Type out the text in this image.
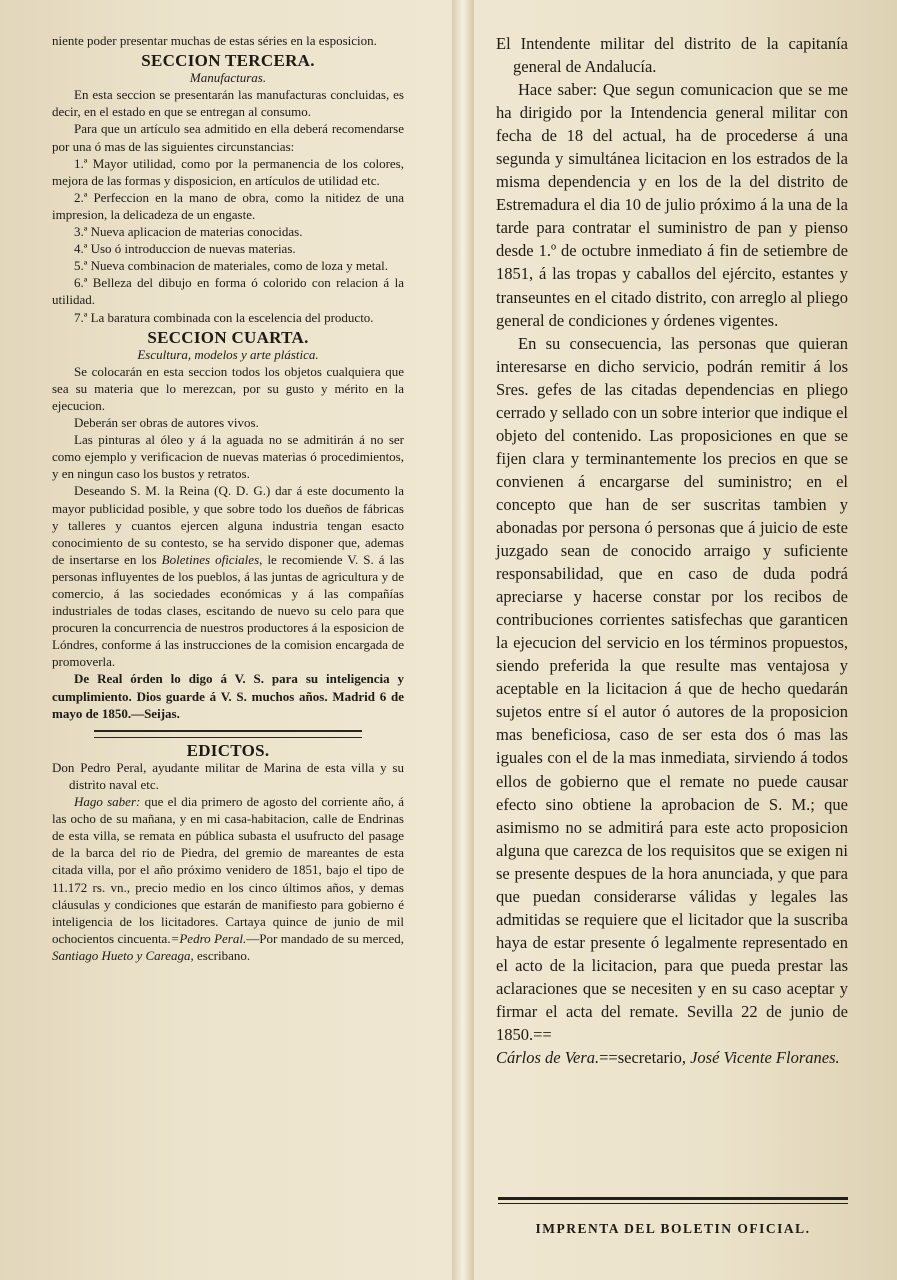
niente poder presentar muchas de estas séries en la esposicion.

SECCION TERCERA.
Manufacturas.

En esta seccion se presentarán las manufacturas concluidas, es decir, en el estado en que se entregan al consumo.

Para que un artículo sea admitido en ella deberá recomendarse por una ó mas de las siguientes circunstancias:

1.ª Mayor utilidad, como por la permanencia de los colores, mejora de las formas y disposicion, en artículos de utilidad etc.

2.ª Perfeccion en la mano de obra, como la nitidez de una impresion, la delicadeza de un engaste.

3.ª Nueva aplicacion de materias conocidas.

4.ª Uso ó introduccion de nuevas materias.

5.ª Nueva combinacion de materiales, como de loza y metal.

6.ª Belleza del dibujo en forma ó colorido con relacion á la utilidad.

7.ª La baratura combinada con la escelencia del producto.

SECCION CUARTA.
Escultura, modelos y arte plástica.

Se colocarán en esta seccion todos los objetos cualquiera que sea su materia que lo merezcan, por su gusto y mérito en la ejecucion.

Deberán ser obras de autores vivos.

Las pinturas al óleo y á la aguada no se admitirán á no ser como ejemplo y verificacion de nuevas materias ó procedimientos, y en ningun caso los bustos y retratos.

Deseando S. M. la Reina (Q. D. G.) dar á este documento la mayor publicidad posible, y que sobre todo los dueños de fábricas y talleres y cuantos ejercen alguna industria tengan esacto conocimiento de su contesto, se ha servido disponer que, ademas de insertarse en los Boletines oficiales, le recomiende V. S. á las personas influyentes de los pueblos, á las juntas de agricultura y de comercio, á las sociedades económicas y á las compañías industriales de todas clases, escitando de nuevo su celo para que procuren la concurrencia de nuestros productores á la esposicion de Lóndres, conforme á las instrucciones de la comision encargada de promoverla.

De Real órden lo digo á V. S. para su inteligencia y cumplimiento. Dios guarde á V. S. muchos años. Madrid 6 de mayo de 1850.—Seijas.

EDICTOS.

Don Pedro Peral, ayudante militar de Marina de esta villa y su distrito naval etc.

Hago saber: que el dia primero de agosto del corriente año, á las ocho de su mañana, y en mi casa-habitacion, calle de Endrinas de esta villa, se remata en pública subasta el usufructo del pasage de la barca del rio de Piedra, del gremio de mareantes de esta citada villa, por el año próximo venidero de 1851, bajo el tipo de 11.172 rs. vn., precio medio en los cinco últimos años, y demas cláusulas y condiciones que estarán de manifiesto para gobierno é inteligencia de los licitadores. Cartaya quince de junio de mil ochocientos cincuenta.=Pedro Peral.—Por mandado de su merced, Santiago Hueto y Careaga, escribano.

El Intendente militar del distrito de la capitanía general de Andalucía.

Hace saber: Que segun comunicacion que se me ha dirigido por la Intendencia general militar con fecha de 18 del actual, ha de procederse á una segunda y simultánea licitacion en los estrados de la misma dependencia y en los de la del distrito de Estremadura el dia 10 de julio próximo á la una de la tarde para contratar el suministro de pan y pienso desde 1.º de octubre inmediato á fin de setiembre de 1851, á las tropas y caballos del ejército, estantes y transeuntes en el citado distrito, con arreglo al pliego general de condiciones y órdenes vigentes.

En su consecuencia, las personas que quieran interesarse en dicho servicio, podrán remitir á los Sres. gefes de las citadas dependencias en pliego cerrado y sellado con un sobre interior que indique el objeto del contenido. Las proposiciones en que se fijen clara y terminantemente los precios en que se convienen á encargarse del suministro; en el concepto que han de ser suscritas tambien y abonadas por persona ó personas que á juicio de este juzgado sean de conocido arraigo y suficiente responsabilidad, que en caso de duda podrá apreciarse y hacerse constar por los recibos de contribuciones corrientes satisfechas que garanticen la ejecucion del servicio en los términos propuestos, siendo preferida la que resulte mas ventajosa y aceptable en la licitacion á que de hecho quedarán sujetos entre sí el autor ó autores de la proposicion mas beneficiosa, caso de ser esta dos ó mas las iguales con el de la mas inmediata, sirviendo á todos ellos de gobierno que el remate no puede causar efecto sino obtiene la aprobacion de S. M.; que asimismo no se admitirá para este acto proposicion alguna que carezca de los requisitos que se exigen ni se presente despues de la hora anunciada, y que para que puedan considerarse válidas y legales las admitidas se requiere que el licitador que la suscriba haya de estar presente ó legalmente representado en el acto de la licitacion, para que pueda prestar las aclaraciones que se necesiten y en su caso aceptar y firmar el acta del remate. Sevilla 22 de junio de 1850.==

Cárlos de Vera.==secretario, José Vicente Floranes.

IMPRENTA DEL BOLETIN OFICIAL.
